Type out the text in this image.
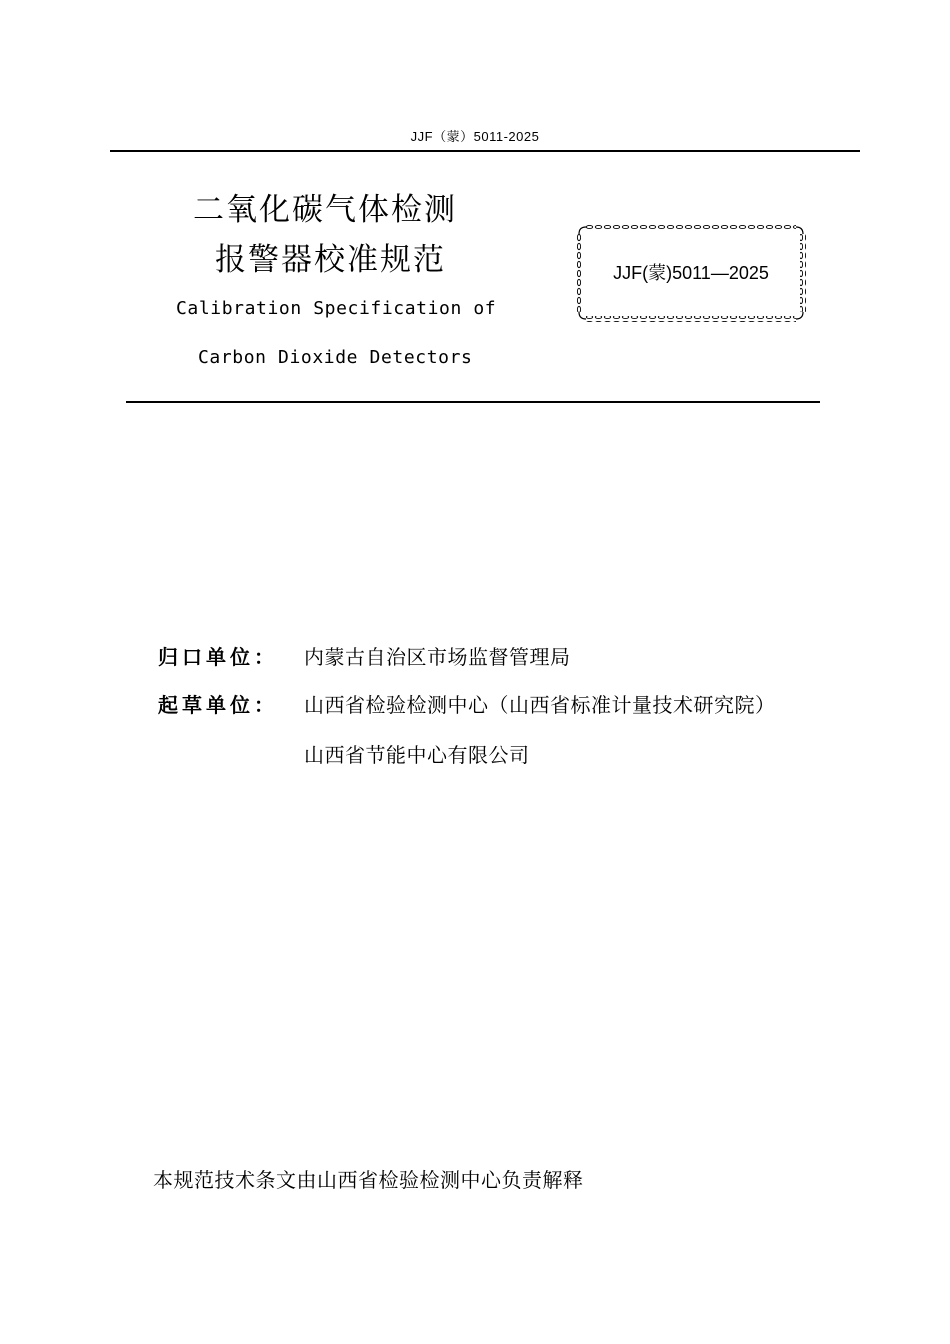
JJF（蒙）5011-2025
二氧化碳气体检测
报警器校准规范
Calibration Specification of
Carbon Dioxide Detectors
JJF(蒙)5011—2025
归口单位： 内蒙古自治区市场监督管理局
起草单位： 山西省检验检测中心（山西省标准计量技术研究院）
山西省节能中心有限公司
本规范技术条文由山西省检验检测中心负责解释
